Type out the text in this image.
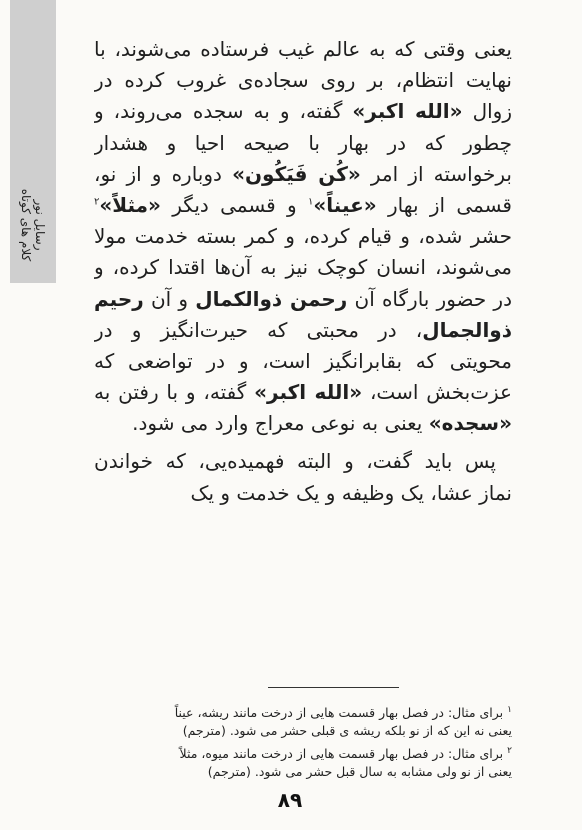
رسایل نور
کلام های کوتاه
یعنی وقتی که به عالم غیب فرستاده می‌شوند، با
نهایت انتظام، بر روی سجاده‌ی غروب کرده در
زوال «الله اکبر» گفته، و به سجده می‌روند، و
چطور که در بهار با صیحه احیا و هشدار
برخواسته از امر «کُن فَیَکُون» دوباره و از نو،
قسمی از بهار «عیناً»$^۱$ و قسمی دیگر «مثلاً»$^۲$
حشر شده، و قیام کرده، و کمر بسته خدمت مولا
می‌شوند، انسان کوچک نیز به آن‌ها اقتدا کرده، و
در حضور بارگاه آن رحمن ذوالکمال و آن رحیم
ذوالجمال، در محبتی که حیرت‌انگیز و در
محویتی که بقابرانگیز است، و در تواضعی که
عزت‌بخش است، «الله اکبر» گفته، و با رفتن به
«سجده» یعنی به نوعی معراج وارد می شود.
پس باید گفت، و البته فهمیده‌یی، که خواندن
نماز عشا، یک وظیفه و یک خدمت و یک
$^۱$برای مثال: در فصل بهار قسمت هایی از درخت مانند ریشه، عیناً
یعنی نه این که از نو بلکه ریشه ی قبلی حشر می شود. (مترجم)
$^۲$برای مثال: در فصل بهار قسمت هایی از درخت مانند میوه، مثلاً
یعنی از نو ولی مشابه به سال قبل حشر می شود. (مترجم)
۸۹
